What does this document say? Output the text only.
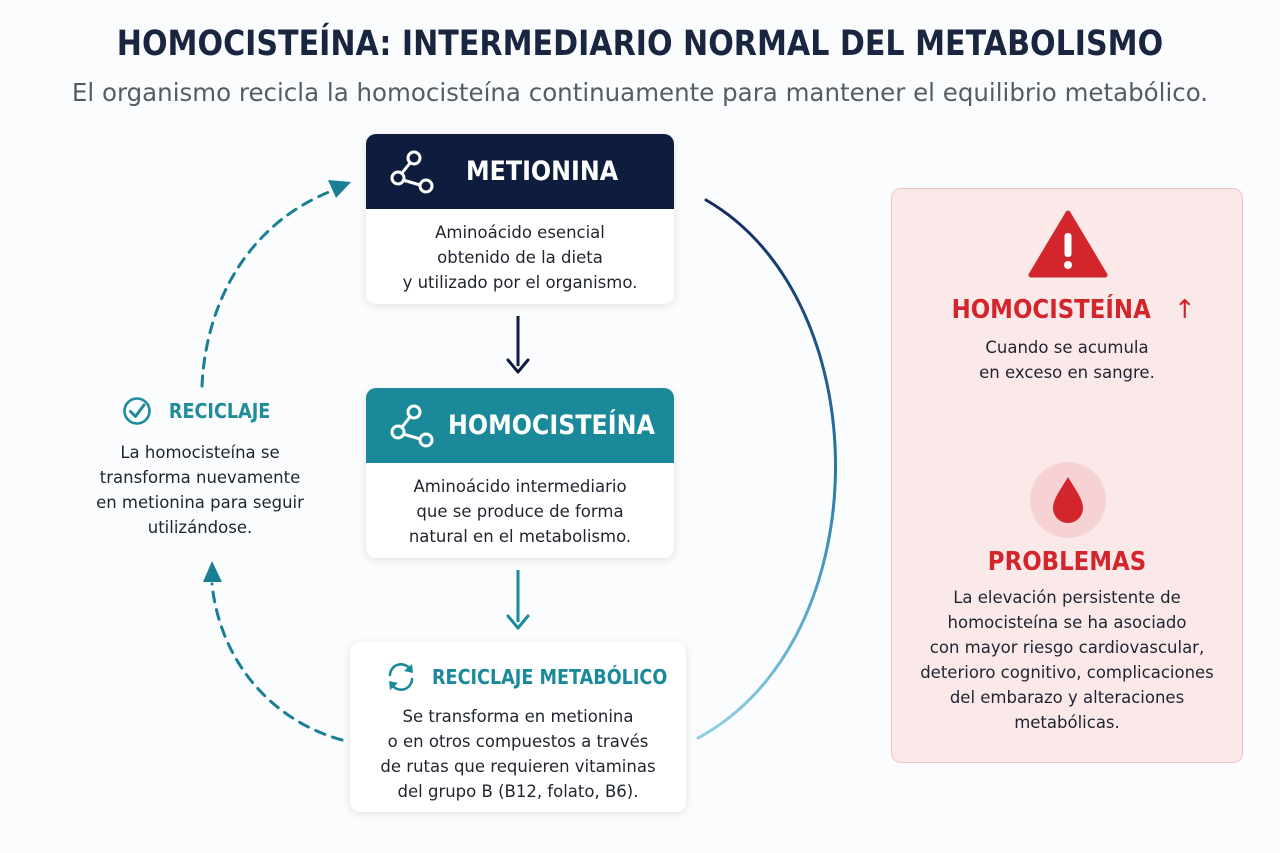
HOMOCISTEÍNA: INTERMEDIARIO NORMAL DEL METABOLISMO
El organismo recicla la homocisteína continuamente para mantener el equilibrio metabólico.
METIONINA
Aminoácido esencial
obtenido de la dieta
y utilizado por el organismo.
HOMOCISTEÍNA
Aminoácido intermediario
que se produce de forma
natural en el metabolismo.
RECICLAJE METABÓLICO
Se transforma en metionina
o en otros compuestos a través
de rutas que requieren vitaminas
del grupo B (B12, folato, B6).
RECICLAJE
La homocisteína se
transforma nuevamente
en metionina para seguir
utilizándose.
HOMOCISTEÍNA ↑
Cuando se acumula
en exceso en sangre.
PROBLEMAS
La elevación persistente de
homocisteína se ha asociado
con mayor riesgo cardiovascular,
deterioro cognitivo, complicaciones
del embarazo y alteraciones
metabólicas.
